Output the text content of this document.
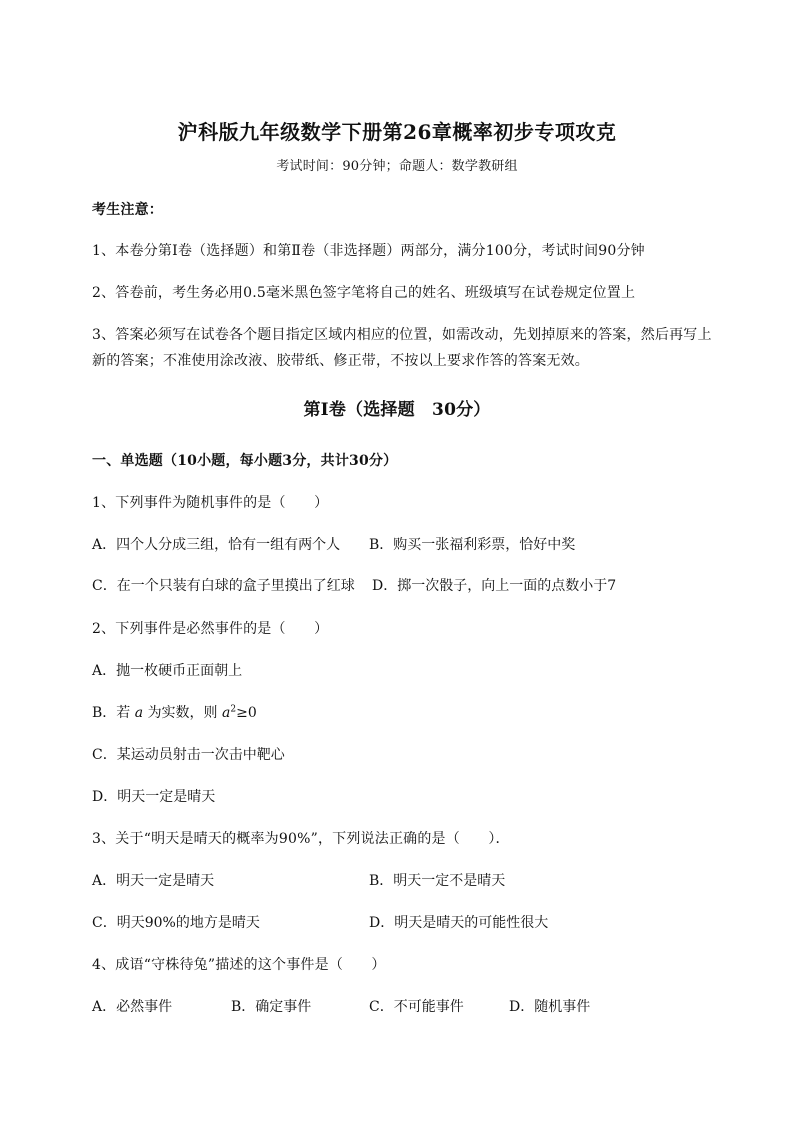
沪科版九年级数学下册第26章概率初步专项攻克
考试时间：90分钟；命题人：数学教研组
考生注意：
1、本卷分第I卷（选择题）和第Ⅱ卷（非选择题）两部分，满分100分，考试时间90分钟
2、答卷前，考生务必用0.5毫米黑色签字笔将自己的姓名、班级填写在试卷规定位置上
3、答案必须写在试卷各个题目指定区域内相应的位置，如需改动，先划掉原来的答案，然后再写上新的答案；不准使用涂改液、胶带纸、修正带，不按以上要求作答的答案无效。
第I卷（选择题　30分）
一、单选题（10小题，每小题3分，共计30分）
1、下列事件为随机事件的是（　　）
A．四个人分成三组，恰有一组有两个人 B．购买一张福利彩票，恰好中奖
C．在一个只装有白球的盒子里摸出了红球 D．掷一次骰子，向上一面的点数小于7
2、下列事件是必然事件的是（　　）
A．抛一枚硬币正面朝上
B．若 a 为实数，则 $a^2\ge 0$
C．某运动员射击一次击中靶心
D．明天一定是晴天
3、关于“明天是晴天的概率为90%”，下列说法正确的是（　　）．
A．明天一定是晴天	B．明天一定不是晴天
C．明天90%的地方是晴天	D．明天是晴天的可能性很大
4、成语“守株待兔”描述的这个事件是（　　）
A．必然事件	B．确定事件	C．不可能事件	D．随机事件
